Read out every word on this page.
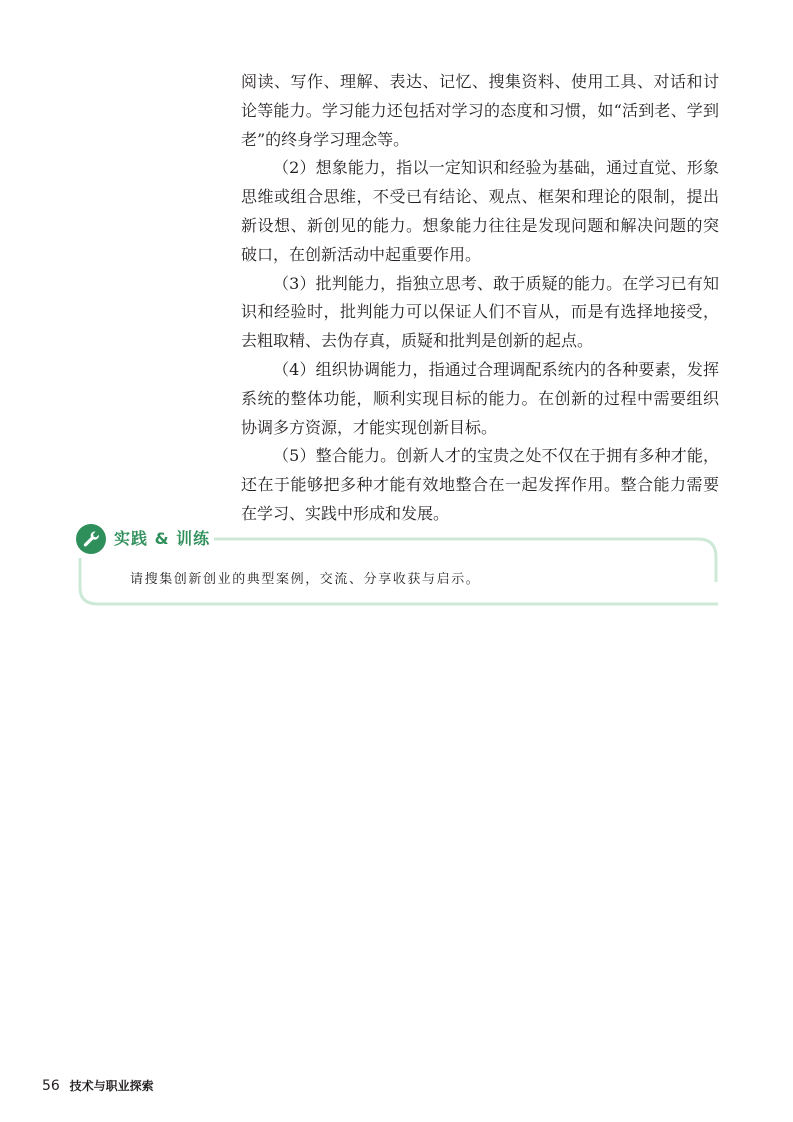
阅读、写作、理解、表达、记忆、搜集资料、使用工具、对话和讨论等能力。学习能力还包括对学习的态度和习惯，如“活到老、学到老”的终身学习理念等。

（2）想象能力，指以一定知识和经验为基础，通过直觉、形象思维或组合思维，不受已有结论、观点、框架和理论的限制，提出新设想、新创见的能力。想象能力往往是发现问题和解决问题的突破口，在创新活动中起重要作用。

（3）批判能力，指独立思考、敢于质疑的能力。在学习已有知识和经验时，批判能力可以保证人们不盲从，而是有选择地接受，去粗取精、去伪存真，质疑和批判是创新的起点。

（4）组织协调能力，指通过合理调配系统内的各种要素，发挥系统的整体功能，顺利实现目标的能力。在创新的过程中需要组织协调多方资源，才能实现创新目标。

（5）整合能力。创新人才的宝贵之处不仅在于拥有多种才能，还在于能够把多种才能有效地整合在一起发挥作用。整合能力需要在学习、实践中形成和发展。

实践 & 训练
请搜集创新创业的典型案例，交流、分享收获与启示。
56 技术与职业探索
